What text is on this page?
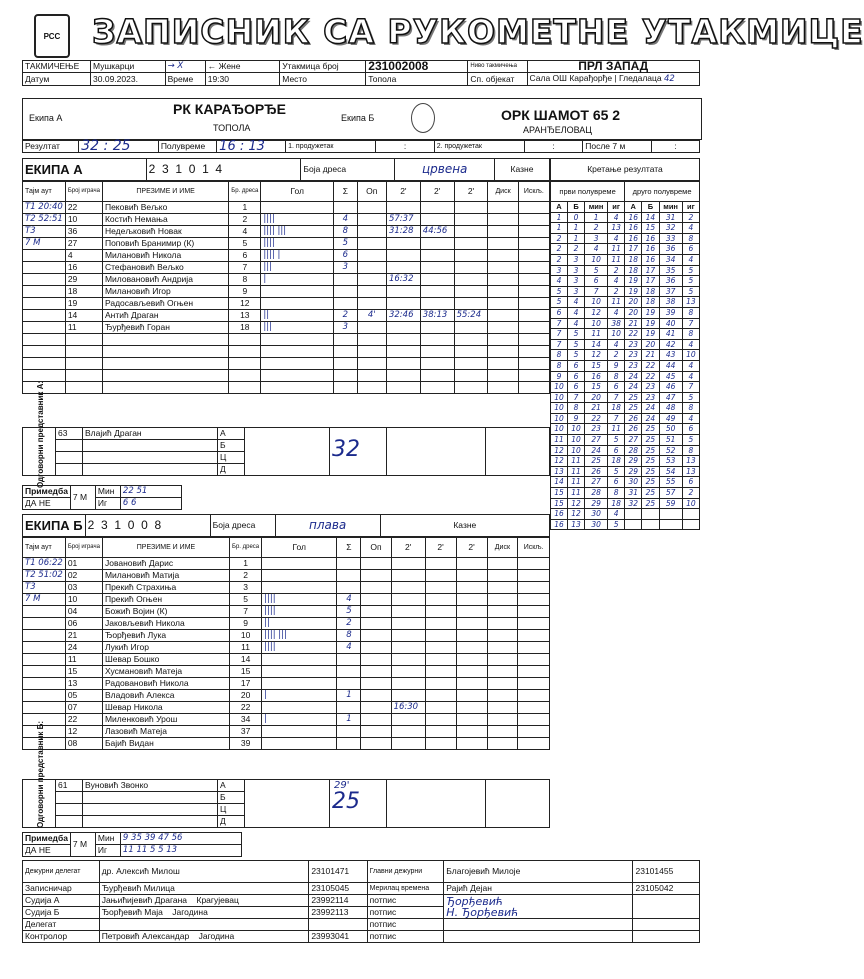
РСС ЗАПИСНИК СА РУКОМЕТНЕ УТАКМИЦЕ
ТАКМИЧЕЊЕ	Мушкарци	→ X	← Жене	Утакмица број	231002008	Ниво такмичења	ПРЛ ЗАПАД
Датум	30.09.2023.	Време	19:30	Место	Топола	Сп. објекат	Сала ОШ Карађорђе | Гледалаца 42
Екипа А
РК КАРАЂОРЂЕ
ТОПОЛА
Екипа Б	ОРК ШАМОТ 65 2
АРАНЂЕЛОВАЦ
Резултат	32 : 25	Полувреме	16 : 13	1. продужетак	:	2. продужетак	:	После 7 м	:
ЕКИПА А	2 3 1 0 1 4	Боја дреса	црвена	Казне	Кретање резултата
Тајм аут	Број играча	ПРЕЗИМЕ И ИМЕ	Бр. дреса	Гол	Σ	Оп	2'	2'	2'	Диск	Искљ.
T1 20:40	22	Пековић Вељко	1								
T2 52:51	10	Костић Немања	2	||||	4		57:37				
T3	36	Недељковић Новак	4	|||| |||	8		31:28	44:56			
7 М	27	Поповић Бранимир (К)	5	||||	5						
	4	Милановић Никола	6	|||| |	6						
	16	Стефановић Вељко	7	|||	3						
	29	Миловановић Андрија	8	|			16:32				
	18	Милановић Игор	9								
	19	Радосављевић Огњен	12								
	14	Антић Драган	13	||	2	4'	32:46	38:13	55:24		
	11	Ђурђевић Горан	18	|||	3						

	63	Влајић Драган	А		32		
			Б				
			Ц				
			Д				
Одговорни представник А:
Примедба	7 М	Мин	22 51
ДА НЕ		Иг	6 6
ЕКИПА Б	2 3 1 0 0 8	Боја дреса	плава	Казне
Тајм аут	Број играча	ПРЕЗИМЕ И ИМЕ	Бр. дреса	Гол	Σ	Оп	2'	2'	2'	Диск	Искљ.
T1 06:22	01	Јовановић Дарис	1								
T2 51:02	02	Милановић Матија	2								
T3	03	Прекић Страхиња	3								
7 М	10	Прекић Огњен	5	||||	4						
	04	Божић Војин (К)	7	||||	5						
	06	Јаковљевић Никола	9	||	2						
	21	Ђорђевић Лука	10	|||| |||	8						
	24	Лукић Игор	11	||||	4						
	11	Шевар Бошко	14								
	15	Хусмановић Матеја	15								
	13	Радовановић Никола	17								
	05	Владовић Алекса	20	|	1						
	07	Шевар Никола	22				16:30				
	22	Миленковић Урош	34	|	1						
	12	Лазовић Матеја	37								
	08	Бајић Видан	39								
	61	Вуновић Звонко	А		25		
			Б				
			Ц				
			Д				
29'
Одговорни представник Б:
Примедба	7 М	Мин	9 35 39 47 56
ДА НЕ		Иг	11 11 5 5 13
Дежурни делегат	др. Алексић Милош	23101471	Главни дежурни	Благојевић Милоје	23101455
Записничар	Ђурђевић Милица	23105045	Мерилац времена	Рајић Дејан	23105042
Судија А	Јањићијевић Драгана Крагујевац	23992114	потпис	Ђорђевић
Н. Ђорђевић	
Судија Б	Ђорђевић Маја Јагодина	23992113	потпис		
Делегат			потпис		
Контролор	Петровић Александар Јагодина	23993041	потпис		
први полувреме				друго полувреме			
А	Б	мин	иг	А	Б	мин	иг
1	0	1	4	16	14	31	2
1	1	2	13	16	15	32	4
2	1	3	4	16	16	33	8
2	2	4	11	17	16	36	6
2	3	10	11	18	16	34	4
3	3	5	2	18	17	35	5
4	3	6	4	19	17	36	5
5	3	7	2	19	18	37	5
5	4	10	11	20	18	38	13
6	4	12	4	20	19	39	8
7	4	10	38	21	19	40	7
7	5	11	10	22	19	41	8
7	5	14	4	23	20	42	4
8	5	12	2	23	21	43	10
8	6	15	9	23	22	44	4
9	6	16	8	24	22	45	4
10	6	15	6	24	23	46	7
10	7	20	7	25	23	47	5
10	8	21	18	25	24	48	8
10	9	22	7	26	24	49	4
10	10	23	11	26	25	50	6
11	10	27	5	27	25	51	5
12	10	24	6	28	25	52	8
12	11	25	18	29	25	53	13
13	11	26	5	29	25	54	13
14	11	27	6	30	25	55	6
15	11	28	8	31	25	57	2
15	12	29	18	32	25	59	10
16	12	30	4				
16	13	30	5				
